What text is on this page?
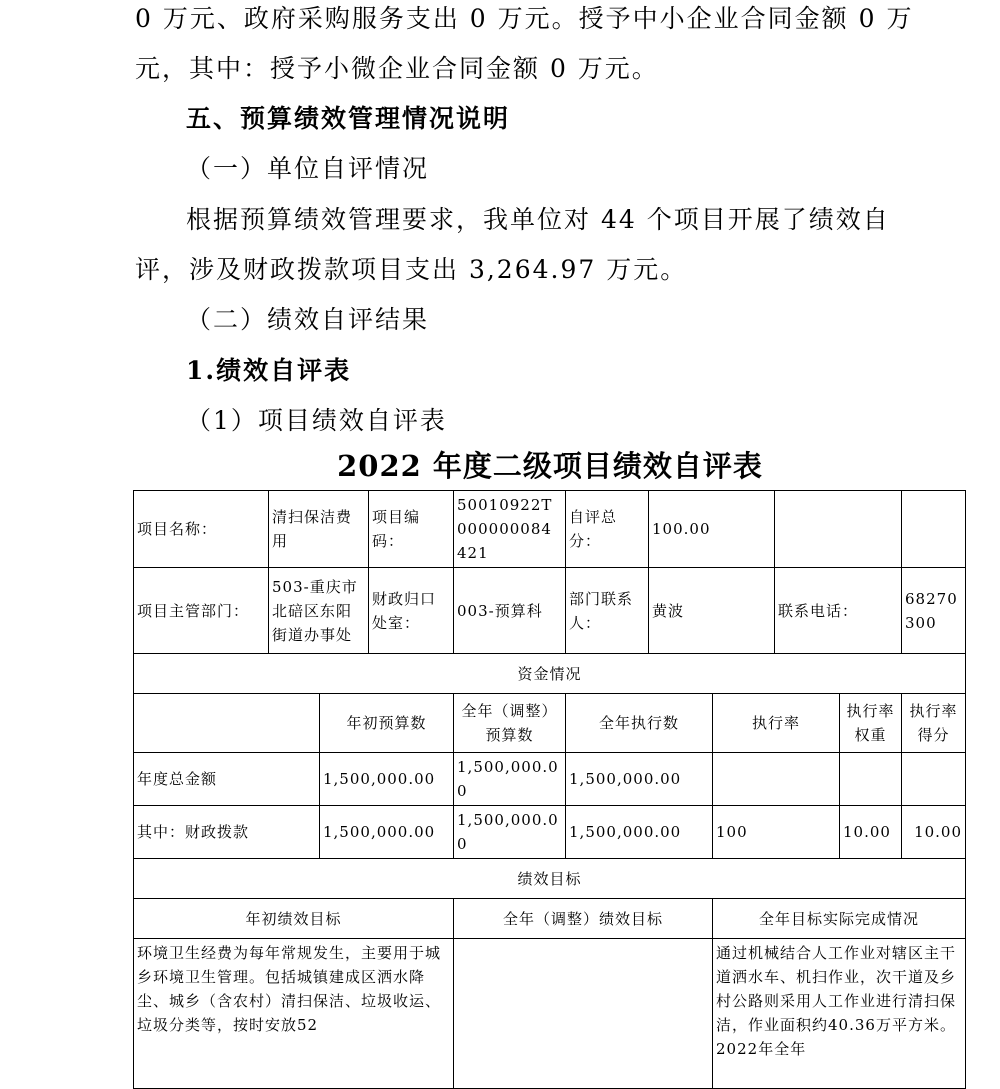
0 万元、政府采购服务支出 0 万元。授予中小企业合同金额 0 万
元，其中：授予小微企业合同金额 0 万元。
五、预算绩效管理情况说明
（一）单位自评情况
根据预算绩效管理要求，我单位对 44 个项目开展了绩效自
评，涉及财政拨款项目支出 3,264.97 万元。
（二）绩效自评结果
1.绩效自评表
（1）项目绩效自评表
2022 年度二级项目绩效自评表
项目名称：	清扫保洁费用		项目编码：	50010922T000000084421	自评总分：	100.00				
项目主管部门：	503-重庆市北碚区东阳街道办事处		财政归口处室：	003-预算科	部门联系人：	黄波		联系电话：		68270300
资金情况										
		年初预算数		全年（调整）预算数	全年执行数		执行率		执行率权重	执行率得分
年度总金额		1,500,000.00		1,500,000.00	1,500,000.00					
其中：财政拨款		1,500,000.00		1,500,000.00	1,500,000.00		100		10.00	10.00
绩效目标										
年初绩效目标				全年（调整）绩效目标			全年目标实际完成情况			
环境卫生经费为每年常规发生，主要用于城乡环境卫生管理。包括城镇建成区洒水降尘、城乡（含农村）清扫保洁、垃圾收运、垃圾分类等，按时安放52							通过机械结合人工作业对辖区主干道洒水车、机扫作业，次干道及乡村公路则采用人工作业进行清扫保洁，作业面积约40.36万平方米。2022年全年			
